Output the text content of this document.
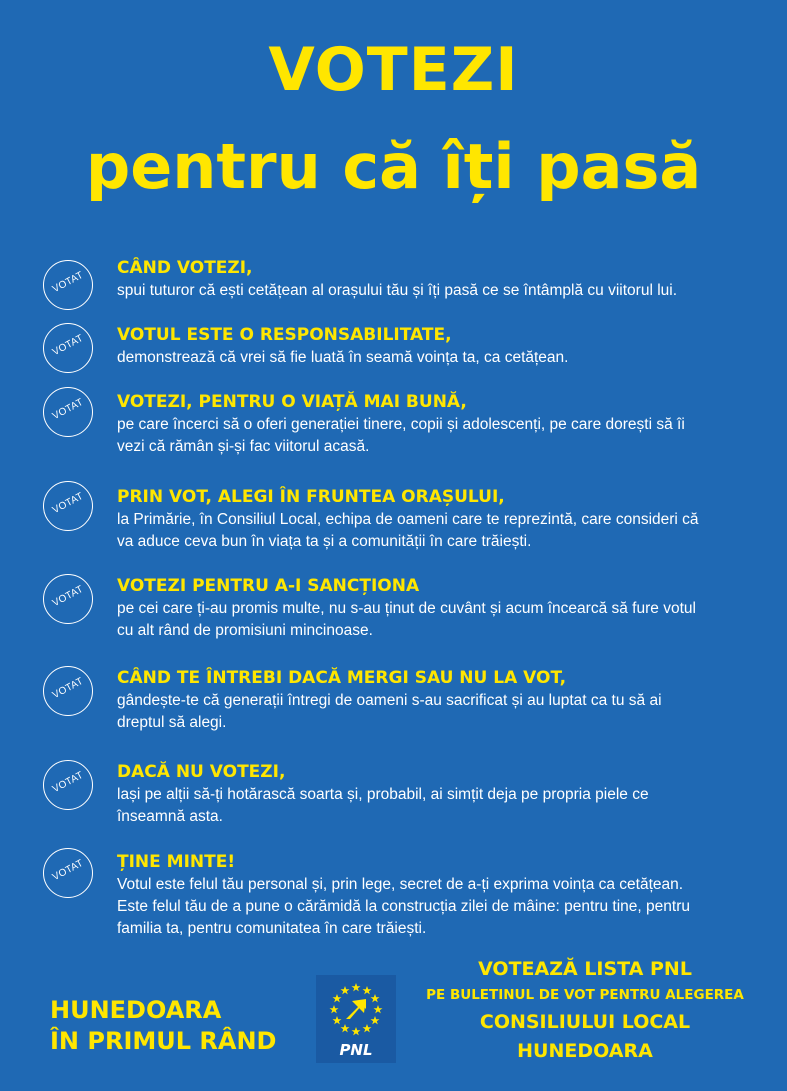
VOTEZI
pentru că îți pasă
VOTAT
CÂND VOTEZI,
spui tuturor că ești cetățean al orașului tău și îți pasă ce se întâmplă cu viitorul lui.
VOTAT	VOTUL ESTE O RESPONSABILITATE,
demonstrează că vrei să fie luată în seamă voința ta, ca cetățean.
VOTAT	VOTEZI, PENTRU O VIAȚĂ MAI BUNĂ,
pe care încerci să o oferi generației tinere, copii și adolescenți, pe care dorești să îi
vezi că rămân și-și fac viitorul acasă.
VOTAT	PRIN VOT, ALEGI ÎN FRUNTEA ORAȘULUI,
la Primărie, în Consiliul Local, echipa de oameni care te reprezintă, care consideri că
va aduce ceva bun în viața ta și a comunității în care trăiești.
VOTAT	VOTEZI PENTRU A-I SANCȚIONA
pe cei care ți-au promis multe, nu s-au ținut de cuvânt și acum încearcă să fure votul
cu alt rând de promisiuni mincinoase.
VOTAT	CÂND TE ÎNTREBI DACĂ MERGI SAU NU LA VOT,
gândește-te că generații întregi de oameni s-au sacrificat și au luptat ca tu să ai
dreptul să alegi.
VOTAT	DACĂ NU VOTEZI,
lași pe alții să-ți hotărască soarta și, probabil, ai simțit deja pe propria piele ce
înseamnă asta.
VOTAT	ȚINE MINTE!
Votul este felul tău personal și, prin lege, secret de a-ți exprima voința ca cetățean.
Este felul tău de a pune o cărămidă la construcția zilei de mâine: pentru tine, pentru
familia ta, pentru comunitatea în care trăiești.
HUNEDOARA
ÎN PRIMUL RÂND	PNL
VOTEAZĂ LISTA PNL
PE BULETINUL DE VOT PENTRU ALEGEREA
CONSILIULUI LOCAL
HUNEDOARA
